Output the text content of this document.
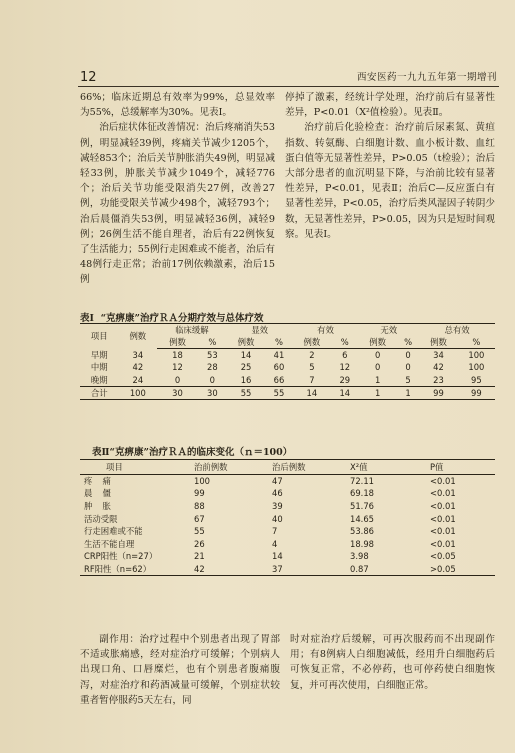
12	西安医药一九九五年第一期增刊

66%；临床近期总有效率为99%，总显效率为55%，总缓解率为30%。见表Ⅰ。

治后症状体征改善情况：治后疼痛消失53例，明显减轻39例，疼痛关节减少1205个，减轻853个；治后关节肿胀消失49例，明显减轻33例，肿胀关节减少1049个，减轻776个；治后关节功能受限消失27例，改善27例，功能受限关节减少498个，减轻793个；治后晨僵消失53例，明显减轻36例，减轻9例；26例生活不能自理者，治后有22例恢复了生活能力；55例行走困难或不能者，治后有48例行走正常；治前17例依赖激素，治后15例

停掉了激素，经统计学处理，治疗前后有显著性差异，P<0.01（X²值检验）。见表Ⅱ。

治疗前后化验检查：治疗前后尿素氮、黄疸指数、转氨酶、白细胞计数、血小板计数、血红蛋白值等无显著性差异，P>0.05（t检验）；治后大部分患者的血沉明显下降，与治前比较有显著性差异，P<0.01，见表Ⅱ；治后C—反应蛋白有显著性差异，P<0.05，治疗后类风湿因子转阴少数，无显著性差异，P>0.05，因为只是短时间观察。见表Ⅰ。

表Ⅰ “克痹康”治疗ＲＡ分期疗效与总体疗效
项目	例数	临床缓解		显效		有效		无效		总有效	
		例数	%	例数	%	例数	%	例数	%	例数	%
早期	34	18	53	14	41	2	6	0	0	34	100
中期	42	12	28	25	60	5	12	0	0	42	100
晚期	24	0	0	16	66	7	29	1	5	23	95
合计	100	30	30	55	55	14	14	1	1	99	99
表Ⅱ“克痹康”治疗ＲＡ的临床变化（ｎ＝100）
项目	治前例数	治后例数	X²值	P值
疼痛	100	47	72.11	<0.01
晨僵	99	46	69.18	<0.01
肿胀	88	39	51.76	<0.01
活动受限	67	40	14.65	<0.01
行走困难或不能	55	7	53.86	<0.01
生活不能自理	26	4	18.98	<0.01
CRP阳性（n=27）	21	14	3.98	<0.05
RF阳性（n=62）	42	37	0.87	>0.05

副作用：治疗过程中个别患者出现了胃部不适或胀痛感，经对症治疗可缓解；个别病人出现口角、口唇糜烂，也有个别患者腹痛腹泻，对症治疗和药酒减量可缓解，个别症状较重者暂停服药5天左右，同

时对症治疗后缓解，可再次服药而不出现副作用；有8例病人白细胞减低，经用升白细胞药后可恢复正常，不必停药，也可停药使白细胞恢复，并可再次使用，白细胞正常。
